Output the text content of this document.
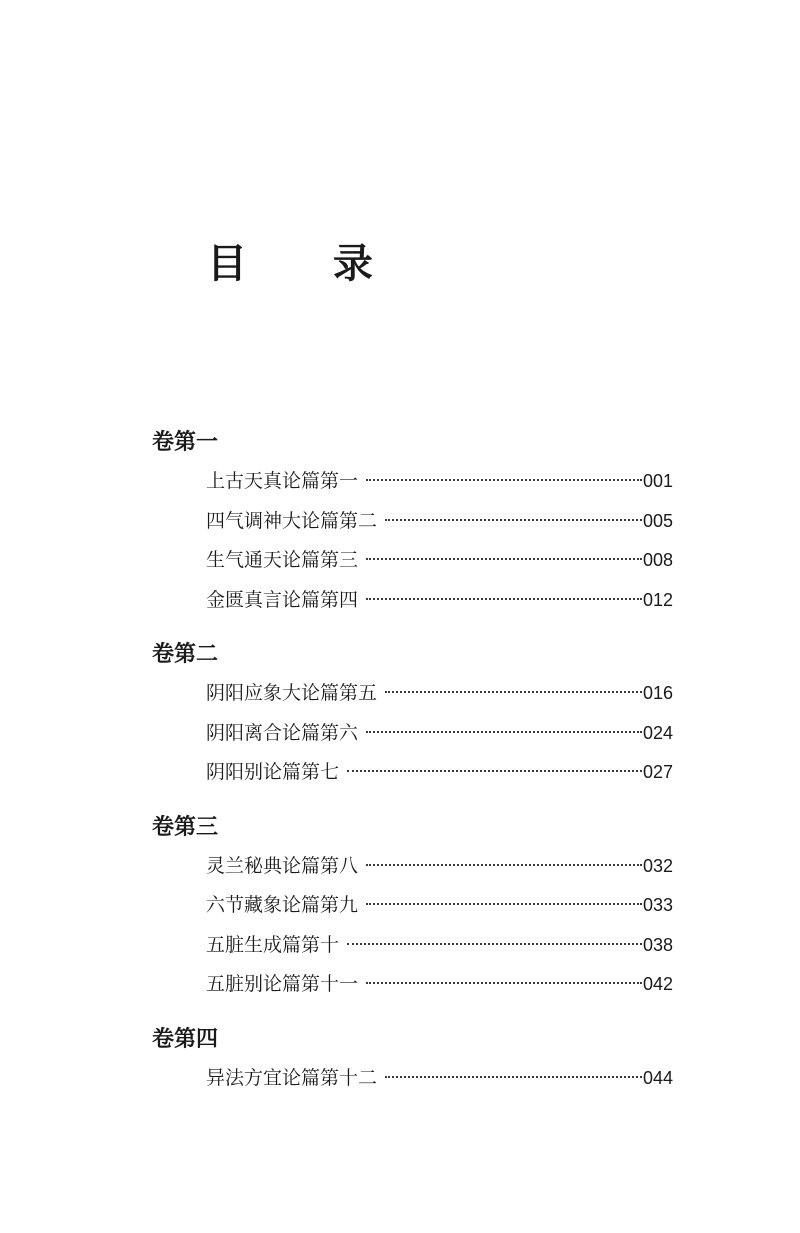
目 录
卷第一
上古天真论篇第一	001
四气调神大论篇第二	005
生气通天论篇第三	008
金匮真言论篇第四	012
卷第二
阴阳应象大论篇第五	016
阴阳离合论篇第六	024
阴阳别论篇第七	027
卷第三
灵兰秘典论篇第八	032
六节藏象论篇第九	033
五脏生成篇第十	038
五脏别论篇第十一	042
卷第四
异法方宜论篇第十二	044
